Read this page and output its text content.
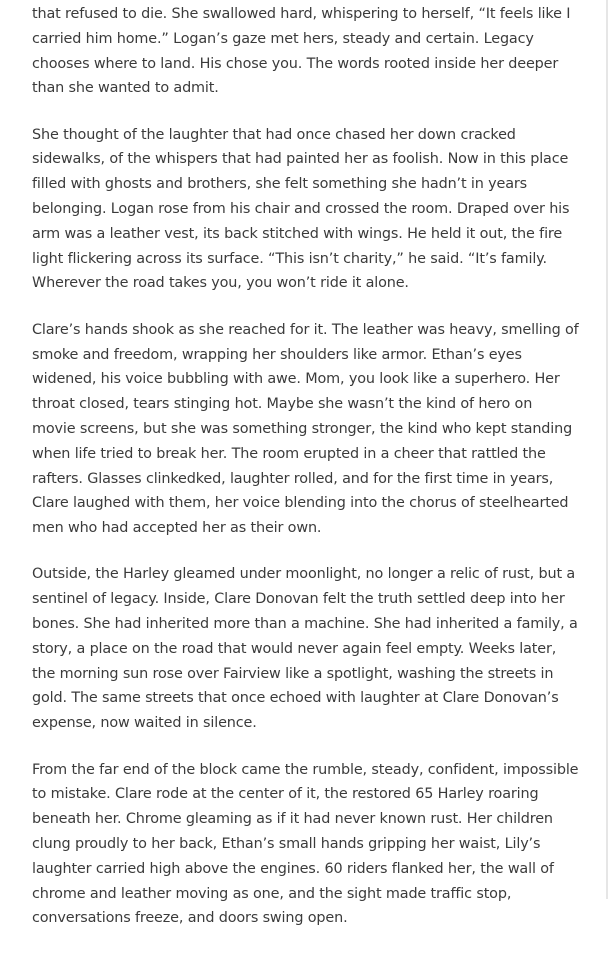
that refused to die. She swallowed hard, whispering to herself, “It feels like I carried him home.” Logan’s gaze met hers, steady and certain. Legacy chooses where to land. His chose you. The words rooted inside her deeper than she wanted to admit.

She thought of the laughter that had once chased her down cracked sidewalks, of the whispers that had painted her as foolish. Now in this place filled with ghosts and brothers, she felt something she hadn’t in years belonging. Logan rose from his chair and crossed the room. Draped over his arm was a leather vest, its back stitched with wings. He held it out, the fire light flickering across its surface. “This isn’t charity,” he said. “It’s family. Wherever the road takes you, you won’t ride it alone.

Clare’s hands shook as she reached for it. The leather was heavy, smelling of smoke and freedom, wrapping her shoulders like armor. Ethan’s eyes widened, his voice bubbling with awe. Mom, you look like a superhero. Her throat closed, tears stinging hot. Maybe she wasn’t the kind of hero on movie screens, but she was something stronger, the kind who kept standing when life tried to break her. The room erupted in a cheer that rattled the rafters. Glasses clinkedked, laughter rolled, and for the first time in years, Clare laughed with them, her voice blending into the chorus of steelhearted men who had accepted her as their own.

Outside, the Harley gleamed under moonlight, no longer a relic of rust, but a sentinel of legacy. Inside, Clare Donovan felt the truth settled deep into her bones. She had inherited more than a machine. She had inherited a family, a story, a place on the road that would never again feel empty. Weeks later, the morning sun rose over Fairview like a spotlight, washing the streets in gold. The same streets that once echoed with laughter at Clare Donovan’s expense, now waited in silence.

From the far end of the block came the rumble, steady, confident, impossible to mistake. Clare rode at the center of it, the restored 65 Harley roaring beneath her. Chrome gleaming as if it had never known rust. Her children clung proudly to her back, Ethan’s small hands gripping her waist, Lily’s laughter carried high above the engines. 60 riders flanked her, the wall of chrome and leather moving as one, and the sight made traffic stop, conversations freeze, and doors swing open.
